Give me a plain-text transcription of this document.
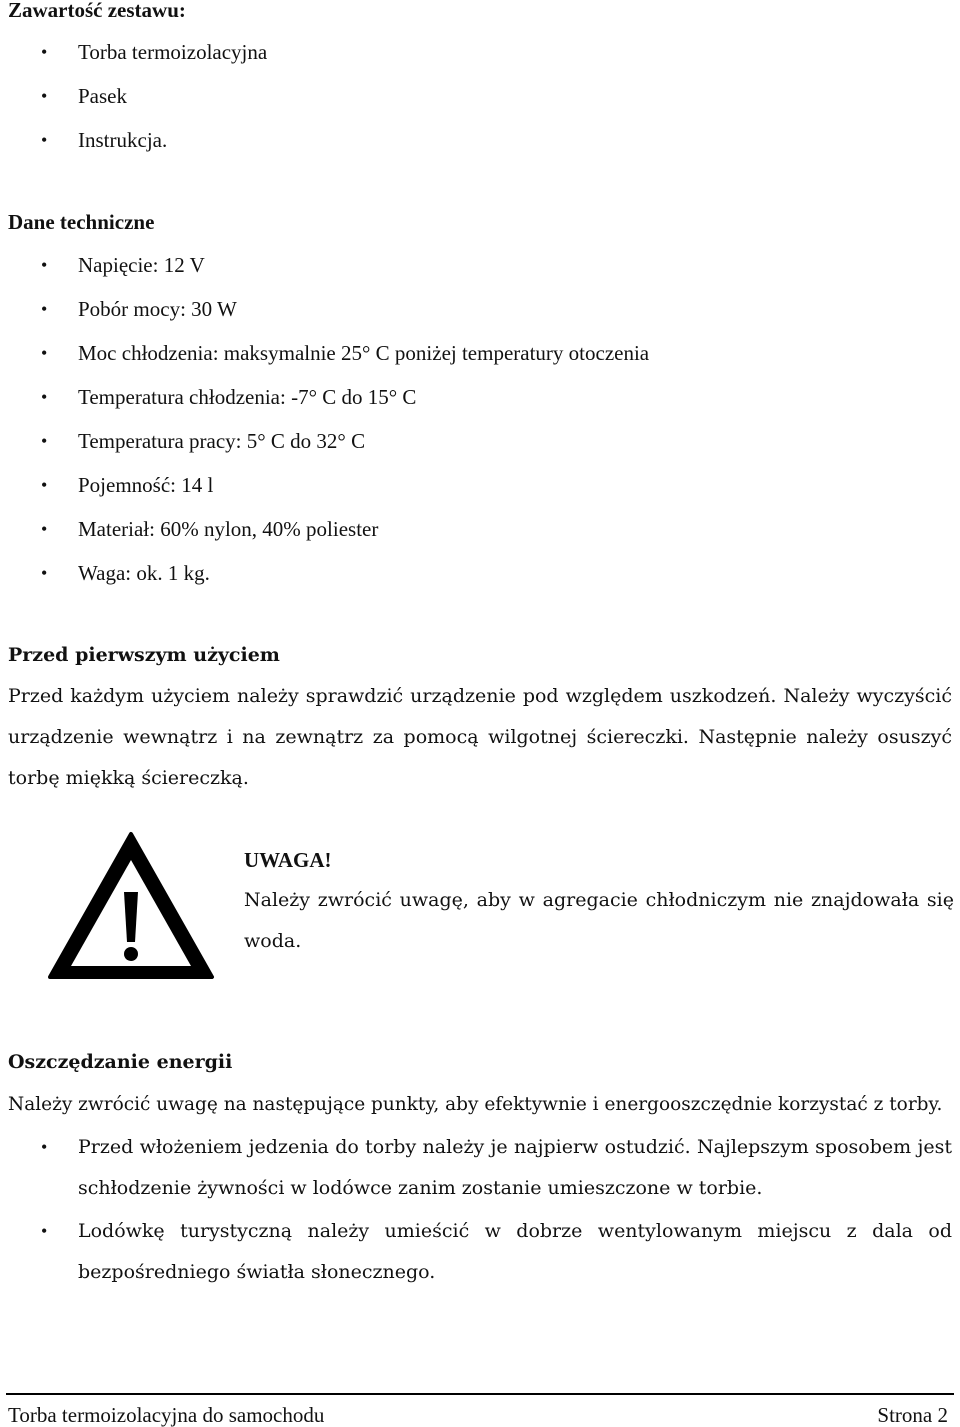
Zawartość zestawu:
• Torba termoizolacyjna
• Pasek
• Instrukcja.
Dane techniczne
• Napięcie: 12 V
• Pobór mocy: 30 W
• Moc chłodzenia: maksymalnie 25° C poniżej temperatury otoczenia
• Temperatura chłodzenia: -7° C do 15° C
• Temperatura pracy: 5° C do 32° C
• Pojemność: 14 l
• Materiał: 60% nylon, 40% poliester
• Waga: ok. 1 kg.
Przed pierwszym użyciem

Przed każdym użyciem należy sprawdzić urządzenie pod względem uszkodzeń. Należy wyczyścić urządzenie wewnątrz i na zewnątrz za pomocą wilgotnej ściereczki. Następnie należy osuszyć torbę miękką ściereczką.

UWAGA!

Należy zwrócić uwagę, aby w agregacie chłodniczym nie znajdowała się woda.

Oszczędzanie energii

Należy zwrócić uwagę na następujące punkty, aby efektywnie i energooszczędnie korzystać z torby.

• Przed włożeniem jedzenia do torby należy je najpierw ostudzić. Najlepszym sposobem jest schłodzenie żywności w lodówce zanim zostanie umieszczone w torbie.
• Lodówkę turystyczną należy umieścić w dobrze wentylowanym miejscu z dala od bezpośredniego światła słonecznego.
Torba termoizolacyjna do samochodu	Strona 2
